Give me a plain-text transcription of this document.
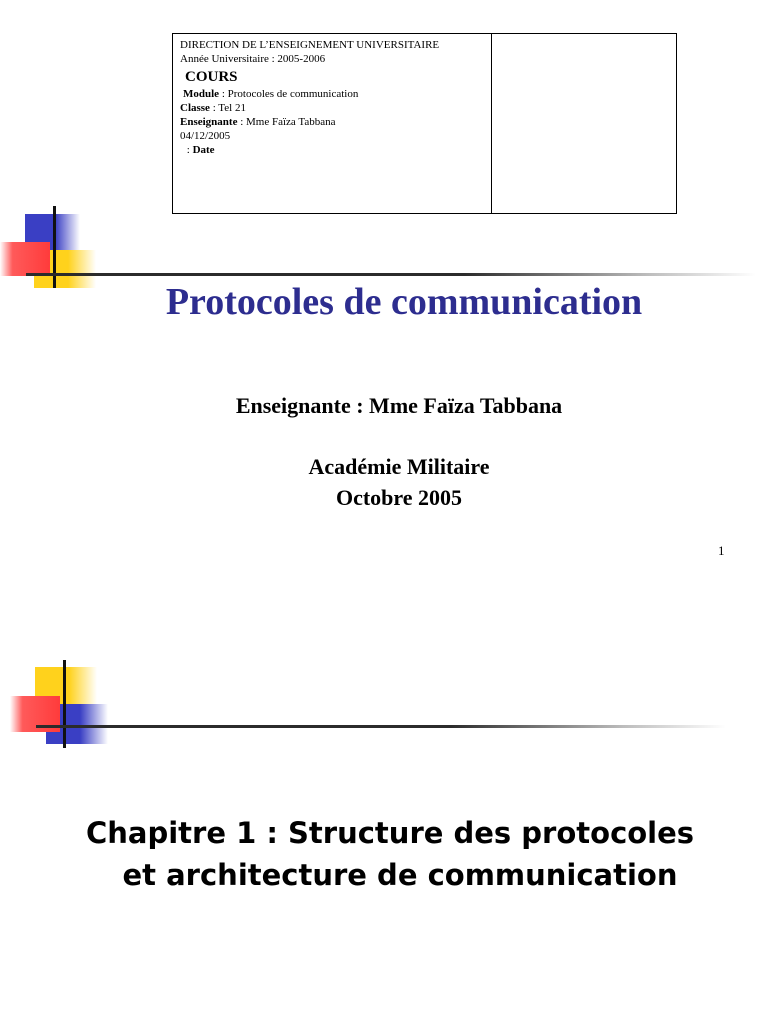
DIRECTION DE L’ENSEIGNEMENT UNIVERSITAIRE
Année Universitaire : 2005-2006
COURS
Module : Protocoles de communication
Classe : Tel 21
Enseignante : Mme Faïza Tabbana
04/12/2005
: Date
Protocoles de communication
Enseignante : Mme Faïza Tabbana
Académie Militaire
Octobre 2005
1
Chapitre 1 : Structure des protocoles
et architecture de communication
